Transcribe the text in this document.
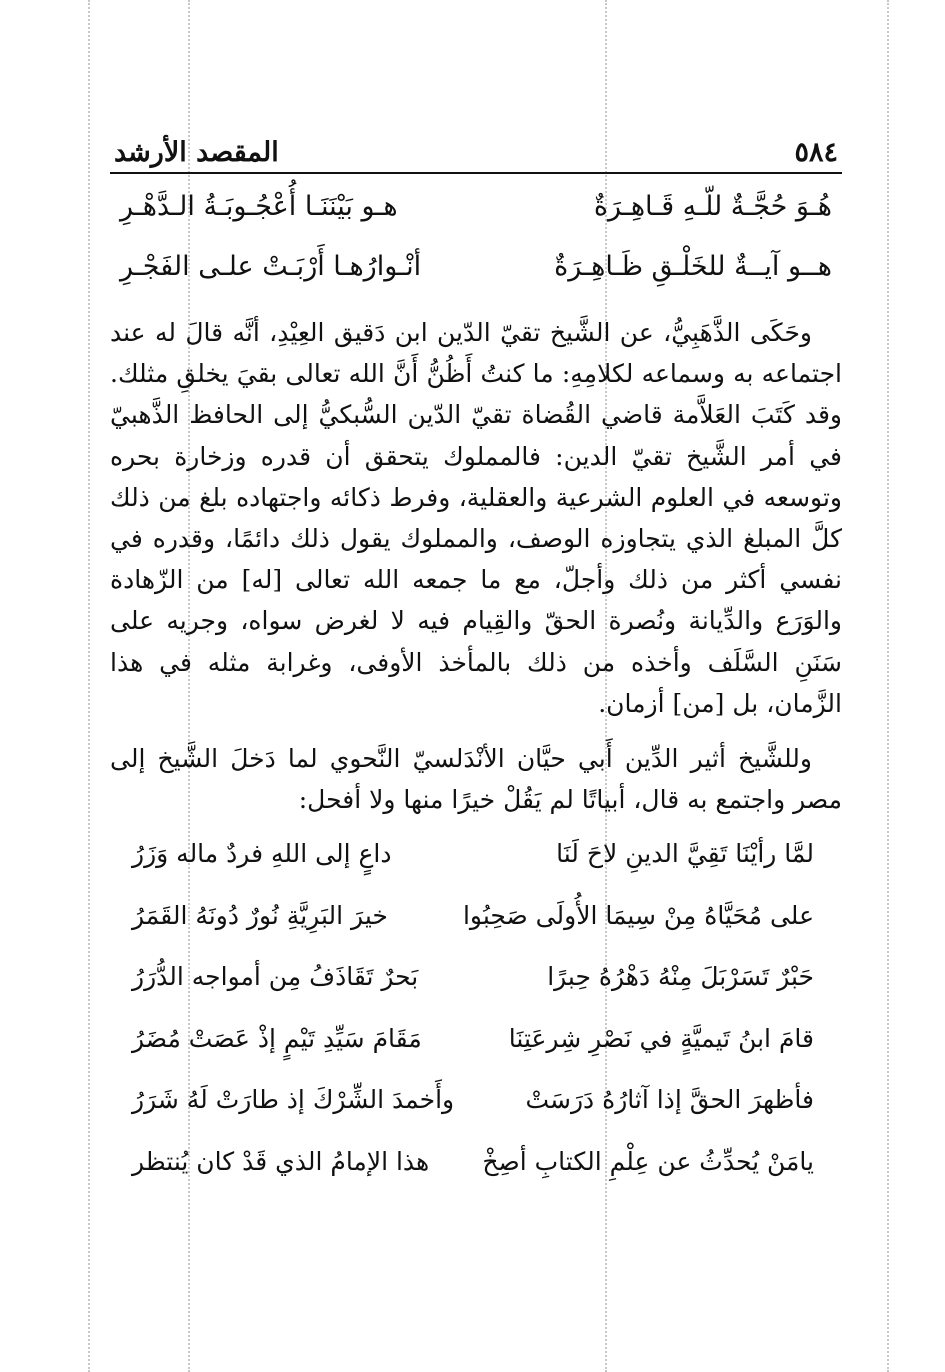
٥٨٤
المقصد الأرشد
هُـوَ حُجَّـةٌ للّـهِ قَـاهِـرَةٌ
هـو بَيْنَنَـا أُعْجُـوبَـةُ الـدَّهْـرِ
هــو آيــةٌ للخَلْـقِ ظَـاهِـرَةٌ
أنْـوارُهـا أَرْبَـتْ علـى الفَجْـرِ

وحَكَى الذَّهَبِيُّ، عن الشَّيخ تقيّ الدّين ابن دَقيق العِيْدِ، أنَّه قالَ له عند اجتماعه به وسماعه لكلامِهِ: ما كنتُ أَظُنُّ أَنَّ الله تعالى بقيَ يخلقِ مثلك. وقد كَتَبَ العَلاَّمة قاضي القُضاة تقيّ الدّين السُّبكيُّ إلى الحافظ الذَّهبيّ في أمر الشَّيخ تقيّ الدين: فالمملوك يتحقق أن قدره وزخارة بحره وتوسعه في العلوم الشرعية والعقلية، وفرط ذكائه واجتهاده بلغ من ذلك كلَّ المبلغ الذي يتجاوزه الوصف، والمملوك يقول ذلك دائمًا، وقدره في نفسي أكثر من ذلك وأجلّ، مع ما جمعه الله تعالى [له] من الزّهادة والوَرَع والدِّيانة ونُصرة الحقّ والقِيام فيه لا لغرض سواه، وجريه على سَنَنِ السَّلَف وأخذه من ذلك بالمأخذ الأوفى، وغرابة مثله في هذا الزَّمان، بل [من] أزمان.

وللشَّيخ أثير الدِّين أَبي حيَّان الأنْدَلسيّ النَّحوي لما دَخلَ الشَّيخ إلى مصر واجتمع به قال، أبياتًا لم يَقُلْ خيرًا منها ولا أفحل:

لمَّا رأيْنَا تَقِيَّ الدينِ لاحَ لَنَا
داعٍ إلى اللهِ فردٌ ماله وَزَرُ
على مُحَيَّاهُ مِنْ سِيمَا الأُولَى صَحِبُوا
خيرَ البَرِيَّةِ نُورٌ دُونَهُ القَمَرُ
حَبْرٌ تَسَرْبَلَ مِنْهُ دَهْرُهُ حِبرًا
بَحرٌ تَقَاذَفُ مِن أمواجه الدُّرَرُ
قامَ ابنُ تَيميَّةٍ في نَصْرِ شِرعَتِنَا
مَقَامَ سَيِّدِ تَيْمٍ إذْ عَصَتْ مُضَرُ
فأظهرَ الحقَّ إذا آثارُهُ دَرَسَتْ
وأَخمدَ الشِّرْكَ إذ طارَتْ لَهُ شَرَرُ
يامَنْ يُحدِّثُ عن عِلْمِ الكتابِ أصِخْ
هذا الإمامُ الذي قَدْ كان يُنتظر
